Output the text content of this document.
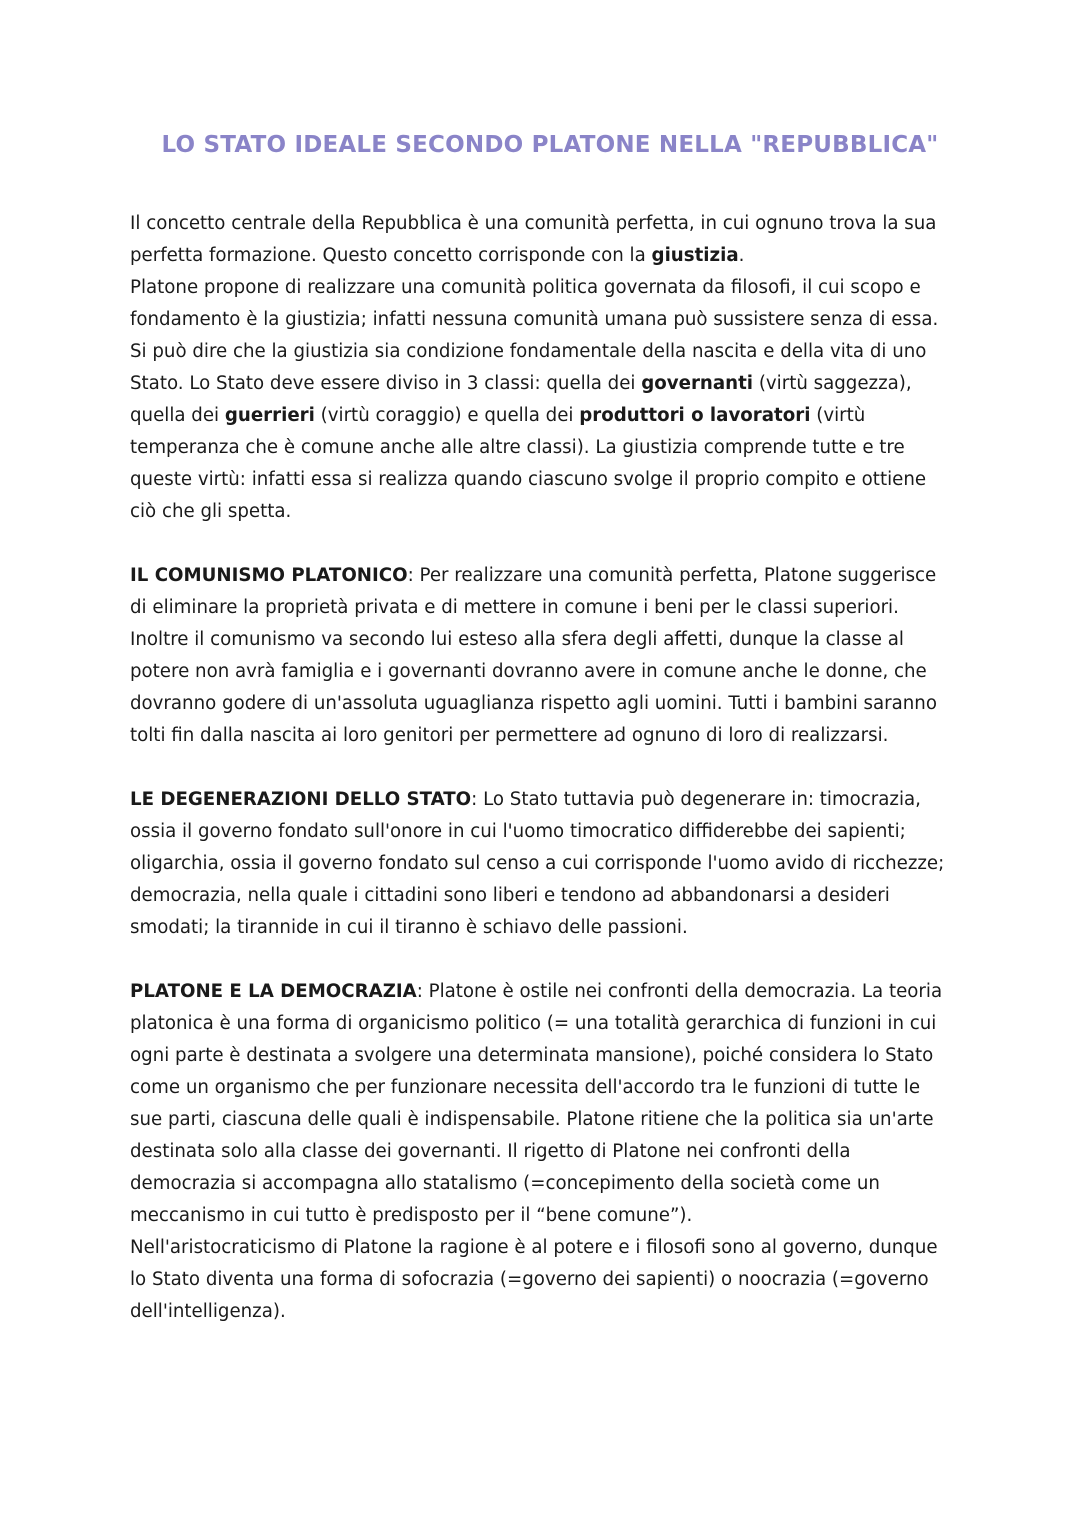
LO STATO IDEALE SECONDO PLATONE NELLA "REPUBBLICA"

Il concetto centrale della Repubblica è una comunità perfetta, in cui ognuno trova la sua perfetta formazione. Questo concetto corrisponde con la giustizia.

Platone propone di realizzare una comunità politica governata da filosofi, il cui scopo e fondamento è la giustizia; infatti nessuna comunità umana può sussistere senza di essa. Si può dire che la giustizia sia condizione fondamentale della nascita e della vita di uno Stato. Lo Stato deve essere diviso in 3 classi: quella dei governanti (virtù saggezza), quella dei guerrieri (virtù coraggio) e quella dei produttori o lavoratori (virtù temperanza che è comune anche alle altre classi). La giustizia comprende tutte e tre queste virtù: infatti essa si realizza quando ciascuno svolge il proprio compito e ottiene ciò che gli spetta.

IL COMUNISMO PLATONICO: Per realizzare una comunità perfetta, Platone suggerisce di eliminare la proprietà privata e di mettere in comune i beni per le classi superiori. Inoltre il comunismo va secondo lui esteso alla sfera degli affetti, dunque la classe al potere non avrà famiglia e i governanti dovranno avere in comune anche le donne, che dovranno godere di un'assoluta uguaglianza rispetto agli uomini. Tutti i bambini saranno tolti fin dalla nascita ai loro genitori per permettere ad ognuno di loro di realizzarsi.

LE DEGENERAZIONI DELLO STATO: Lo Stato tuttavia può degenerare in: timocrazia, ossia il governo fondato sull'onore in cui l'uomo timocratico diffiderebbe dei sapienti; oligarchia, ossia il governo fondato sul censo a cui corrisponde l'uomo avido di ricchezze; democrazia, nella quale i cittadini sono liberi e tendono ad abbandonarsi a desideri smodati; la tirannide in cui il tiranno è schiavo delle passioni.

PLATONE E LA DEMOCRAZIA: Platone è ostile nei confronti della democrazia. La teoria platonica è una forma di organicismo politico (= una totalità gerarchica di funzioni in cui ogni parte è destinata a svolgere una determinata mansione), poiché considera lo Stato come un organismo che per funzionare necessita dell'accordo tra le funzioni di tutte le sue parti, ciascuna delle quali è indispensabile. Platone ritiene che la politica sia un'arte destinata solo alla classe dei governanti. Il rigetto di Platone nei confronti della democrazia si accompagna allo statalismo (=concepimento della società come un meccanismo in cui tutto è predisposto per il “bene comune”).

Nell'aristocraticismo di Platone la ragione è al potere e i filosofi sono al governo, dunque lo Stato diventa una forma di sofocrazia (=governo dei sapienti) o noocrazia (=governo dell'intelligenza).
